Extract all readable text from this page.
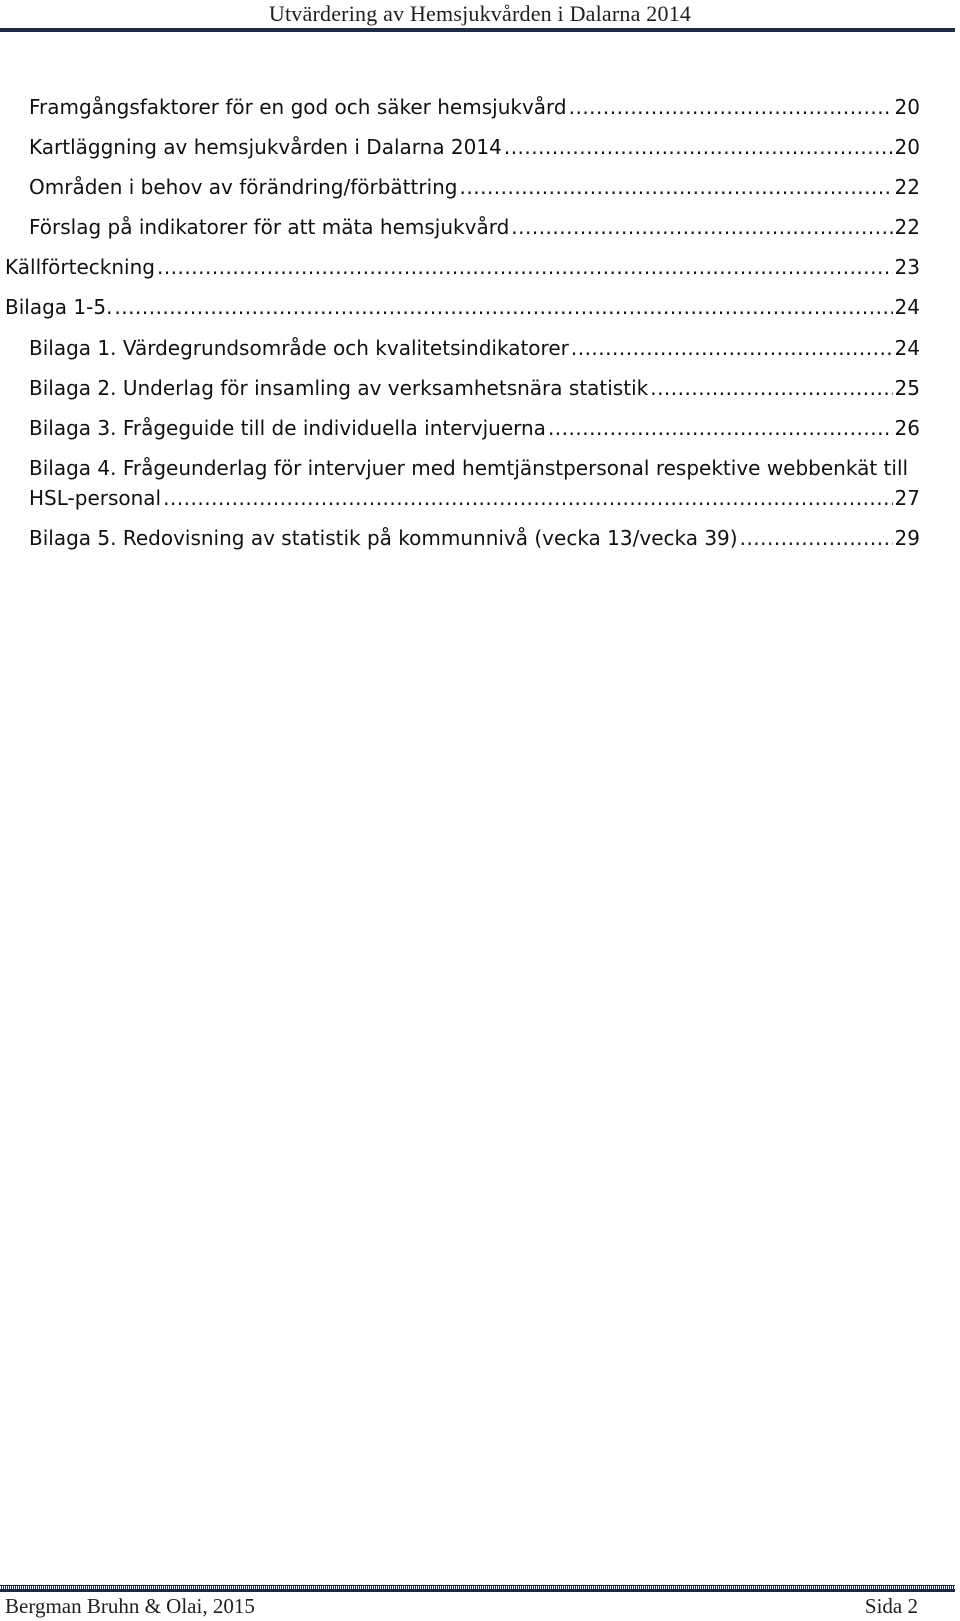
Utvärdering av Hemsjukvården i Dalarna 2014
Framgångsfaktorer för en god och säker hemsjukvård .....	20
Kartläggning av hemsjukvården i Dalarna 2014 .....	20
Områden i behov av förändring/förbättring .....	22
Förslag på indikatorer för att mäta hemsjukvård .....	22
Källförteckning .....	23
Bilaga 1-5. .....	24
Bilaga 1. Värdegrundsområde och kvalitetsindikatorer .....	24
Bilaga 2. Underlag för insamling av verksamhetsnära statistik .....	25
Bilaga 3. Frågeguide till de individuella intervjuerna .....	26
Bilaga 4. Frågeunderlag för intervjuer med hemtjänstpersonal respektive webbenkät till
HSL-personal .....	27
Bilaga 5. Redovisning av statistik på kommunnivå (vecka 13/vecka 39) .....	29
Bergman Bruhn & Olai, 2015	Sida 2
